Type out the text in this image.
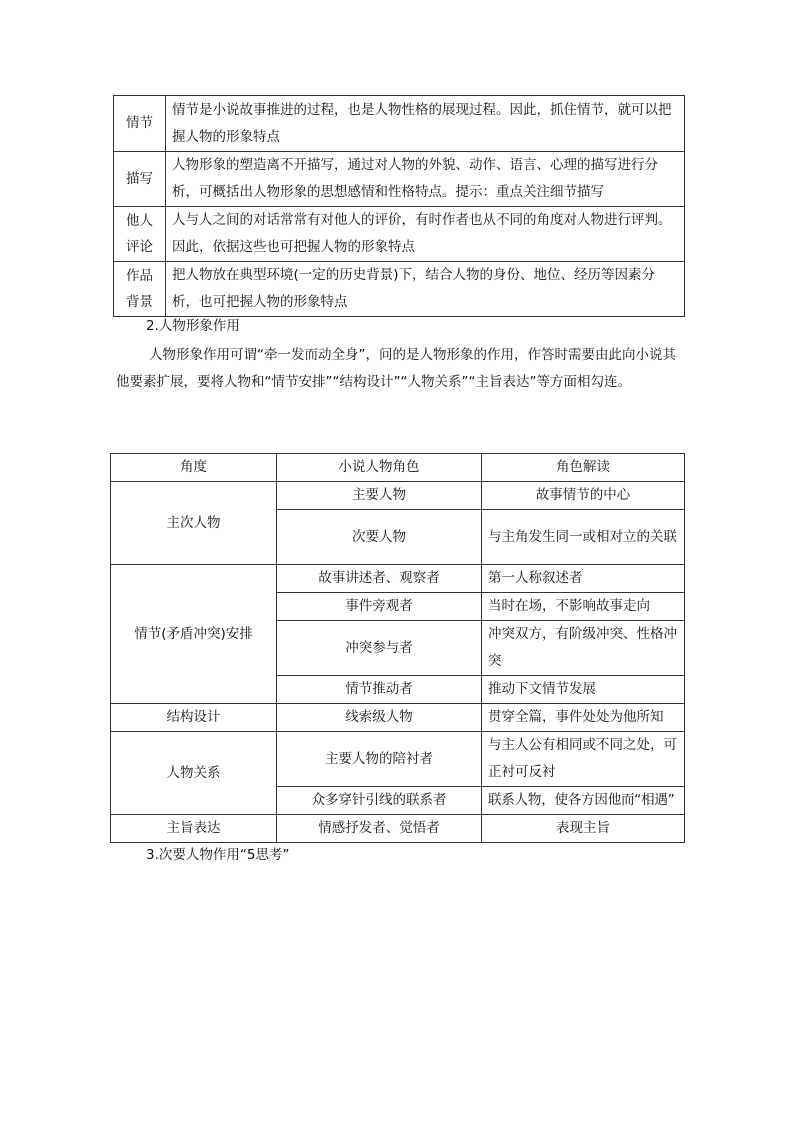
情节	情节是小说故事推进的过程，也是人物性格的展现过程。因此，抓住情节，就可以把握人物的形象特点
描写	人物形象的塑造离不开描写，通过对人物的外貌、动作、语言、心理的描写进行分析，可概括出人物形象的思想感情和性格特点。提示：重点关注细节描写
他人评论	人与人之间的对话常常有对他人的评价，有时作者也从不同的角度对人物进行评判。因此，依据这些也可把握人物的形象特点
作品背景	把人物放在典型环境(一定的历史背景)下，结合人物的身份、地位、经历等因素分析，也可把握人物的形象特点
2.人物形象作用
人物形象作用可谓“牵一发而动全身”，问的是人物形象的作用，作答时需要由此向小说其他要素扩展，要将人物和“情节安排”“结构设计”“人物关系”“主旨表达”等方面相勾连。
角度	小说人物角色	角色解读
主次人物	主要人物	故事情节的中心
	次要人物	与主角发生同一或相对立的关联
情节(矛盾冲突)安排	故事讲述者、观察者	第一人称叙述者
	事件旁观者	当时在场，不影响故事走向
	冲突参与者	冲突双方，有阶级冲突、性格冲突
	情节推动者	推动下文情节发展
结构设计	线索级人物	贯穿全篇，事件处处为他所知
人物关系	主要人物的陪衬者	与主人公有相同或不同之处，可正衬可反衬
	众多穿针引线的联系者	联系人物，使各方因他而“相遇”
主旨表达	情感抒发者、觉悟者	表现主旨
3.次要人物作用“5思考”
